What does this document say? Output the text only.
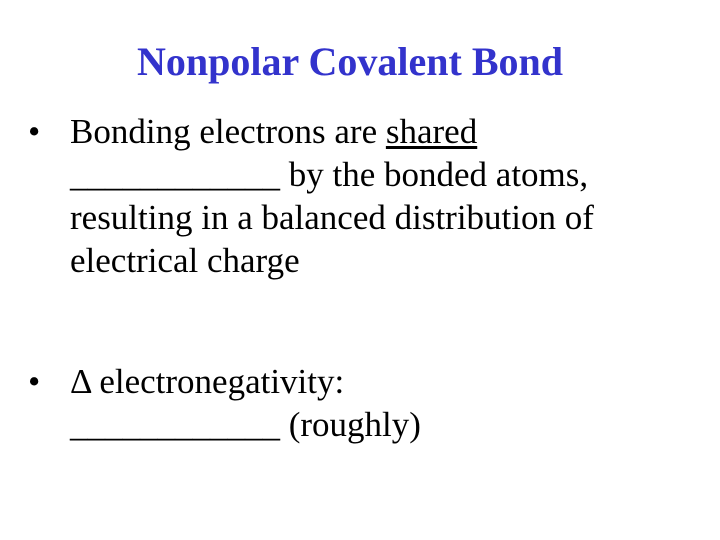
Nonpolar Covalent Bond
• Bonding electrons are shared
____________ by the bonded atoms, resulting in a balanced distribution of electrical charge
• Δ electronegativity:
____________ (roughly)
